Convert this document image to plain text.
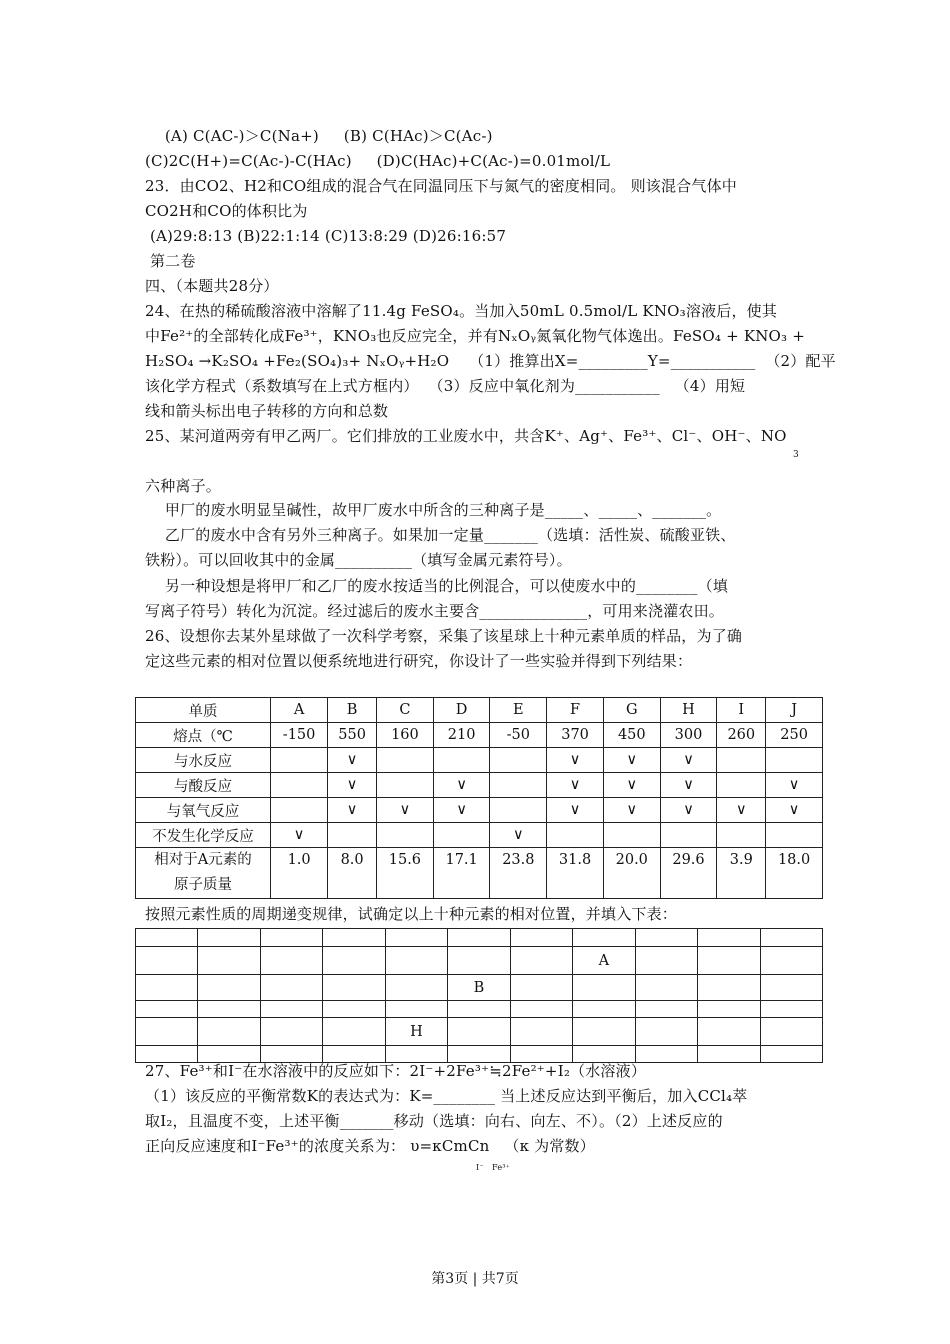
(A) C(AC-)＞C(Na+)     (B) C(HAc)＞C(Ac-)
(C)2C(H+)=C(Ac-)-C(HAc)     (D)C(HAc)+C(Ac-)=0.01mol/L
23．由CO2、H2和CO组成的混合气在同温同压下与氮气的密度相同。 则该混合气体中
CO2H和CO的体积比为
(A)29:8:13 (B)22:1:14 (C)13:8:29 (D)26:16:57
第二卷
四、（本题共28分）
24、在热的稀硫酸溶液中溶解了11.4g FeSO₄。当加入50mL 0.5mol/L KNO₃溶液后，使其
中Fe²⁺的全部转化成Fe³⁺，KNO₃也反应完全，并有NₓOᵧ氮氧化物气体逸出。FeSO₄ + KNO₃ +
H₂SO₄ →K₂SO₄ +Fe₂(SO₄)₃+ NₓOᵧ+H₂O    （1）推算出X=_________Y=___________  （2）配平
该化学方程式（系数填写在上式方框内）  （3）反应中氧化剂为___________   （4）用短
线和箭头标出电子转移的方向和总数
25、某河道两旁有甲乙两厂。它们排放的工业废水中，共含K⁺、Ag⁺、Fe³⁺、Cl⁻、OH⁻、NO
3
六种离子。
甲厂的废水明显呈碱性，故甲厂废水中所含的三种离子是_____、_____、_______。
乙厂的废水中含有另外三种离子。如果加一定量_______（选填：活性炭、硫酸亚铁、
铁粉）。可以回收其中的金属__________（填写金属元素符号）。
另一种设想是将甲厂和乙厂的废水按适当的比例混合，可以使废水中的________（填
写离子符号）转化为沉淀。经过滤后的废水主要含______________，可用来浇灌农田。
26、设想你去某外星球做了一次科学考察，采集了该星球上十种元素单质的样品，为了确
定这些元素的相对位置以便系统地进行研究，你设计了一些实验并得到下列结果：
单质	A	B	C	D	E	F	G	H	I	J
熔点（℃	-150	550	160	210	-50	370	450	300	260	250
与水反应		∨				∨	∨	∨		
与酸反应		∨		∨		∨	∨	∨		∨
与氧气反应		∨	∨	∨		∨	∨	∨	∨	∨
不发生化学反应	∨				∨					
相对于A元素的
原子质量	1.0	8.0	15.6	17.1	23.8	31.8	20.0	29.6	3.9	18.0
按照元素性质的周期递变规律，试确定以上十种元素的相对位置，并填入下表：

							A			
					B					

				H						

27、Fe³⁺和I⁻在水溶液中的反应如下：2I⁻+2Fe³⁺≒2Fe²⁺+I₂（水溶液）
（1）该反应的平衡常数K的表达式为：K=________ 当上述反应达到平衡后，加入CCl₄萃
取I₂，且温度不变，上述平衡_______移动（选填：向右、向左、不）。（2）上述反应的
正向反应速度和I⁻Fe³⁺的浓度关系为： υ=κCmCn   （κ 为常数）
I⁻   Fe³⁺
第3页 | 共7页
